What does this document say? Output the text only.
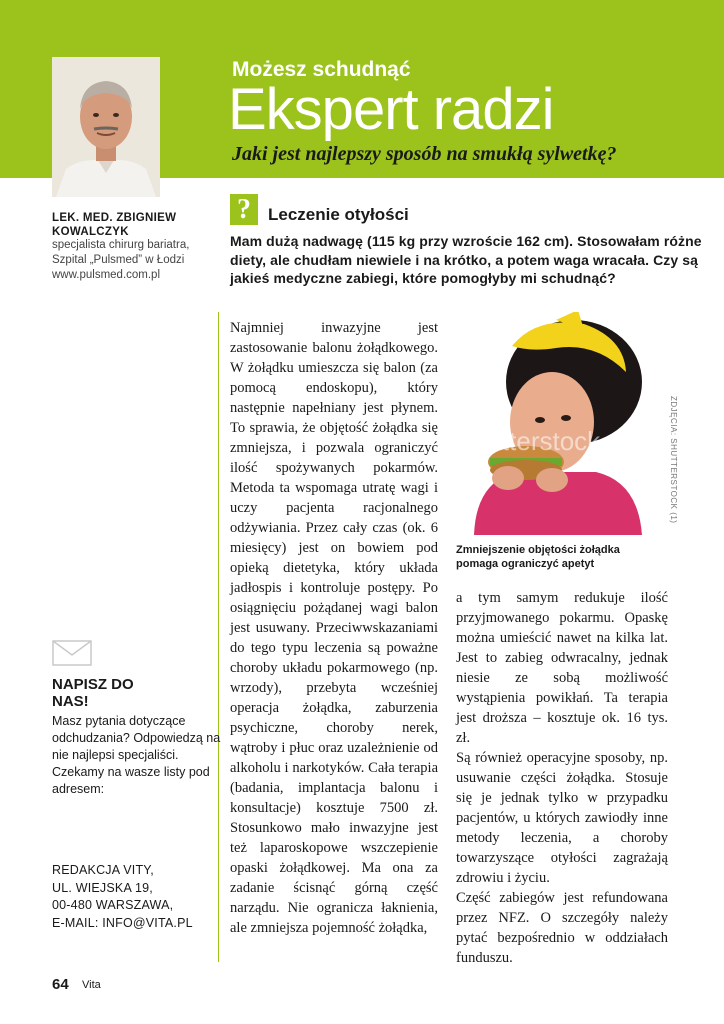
Możesz schudnąć
Ekspert radzi
Jaki jest najlepszy sposób na smukłą sylwetkę?
LEK. MED. ZBIGNIEW KOWALCZYK
specjalista chirurg bariatra,
Szpital „Pulsmed” w Łodzi
www.pulsmed.com.pl
?	Leczenie otyłości
Mam dużą nadwagę (115 kg przy wzroście 162 cm). Stosowałam różne diety, ale chudłam niewiele i na krótko, a potem waga wracała. Czy są jakieś medyczne zabiegi, które pomogłyby mi schudnąć?

Najmniej inwazyjne jest zastosowanie balonu żołądkowego. W żołądku umieszcza się balon (za pomocą endoskopu), który następnie napełniany jest płynem. To sprawia, że objętość żołądka się zmniejsza, i pozwala ograniczyć ilość spożywanych pokarmów. Metoda ta wspomaga utratę wagi i uczy pacjenta racjonalnego odżywiania. Przez cały czas (ok. 6 miesięcy) jest on bowiem pod opieką dietetyka, który układa jadłospis i kontroluje postępy. Po osiągnięciu pożądanej wagi balon jest usuwany. Przeciwwskazaniami do tego typu leczenia są poważne choroby układu pokarmowego (np. wrzody), przebyta wcześniej operacja żołądka, zaburzenia psychiczne, choroby nerek, wątroby i płuc oraz uzależnienie od alkoholu i narkotyków. Cała terapia (badania, implantacja balonu i konsultacje) kosztuje 7500 zł. Stosunkowo mało inwazyjne jest też laparoskopowe wszczepienie opaski żołądkowej. Ma ona za zadanie ścisnąć górną część narządu. Nie ogranicza łaknienia, ale zmniejsza pojemność żołądka,

shutterstock
Zmniejszenie objętości żołądka pomaga ograniczyć apetyt
ZDJĘCIA: SHUTTERSTOCK (1)

a tym samym redukuje ilość przyjmowanego pokarmu. Opaskę można umieścić nawet na kilka lat. Jest to zabieg odwracalny, jednak niesie ze sobą możliwość wystąpienia powikłań. Ta terapia jest droższa – kosztuje ok. 16 tys. zł.

Są również operacyjne sposoby, np. usuwanie części żołądka. Stosuje się je jednak tylko w przypadku pacjentów, u których zawiodły inne metody leczenia, a choroby towarzyszące otyłości zagrażają zdrowiu i życiu.

Część zabiegów jest refundowana przez NFZ. O szczegóły należy pytać bezpośrednio w oddziałach funduszu.

NAPISZ DO NAS!
Masz pytania dotyczące odchudzania? Odpowiedzą na nie najlepsi specjaliści. Czekamy na wasze listy pod adresem:
REDAKCJA VITY,
UL. WIEJSKA 19,
00-480 WARSZAWA,
E-MAIL: INFO@VITA.PL
64 Vita
